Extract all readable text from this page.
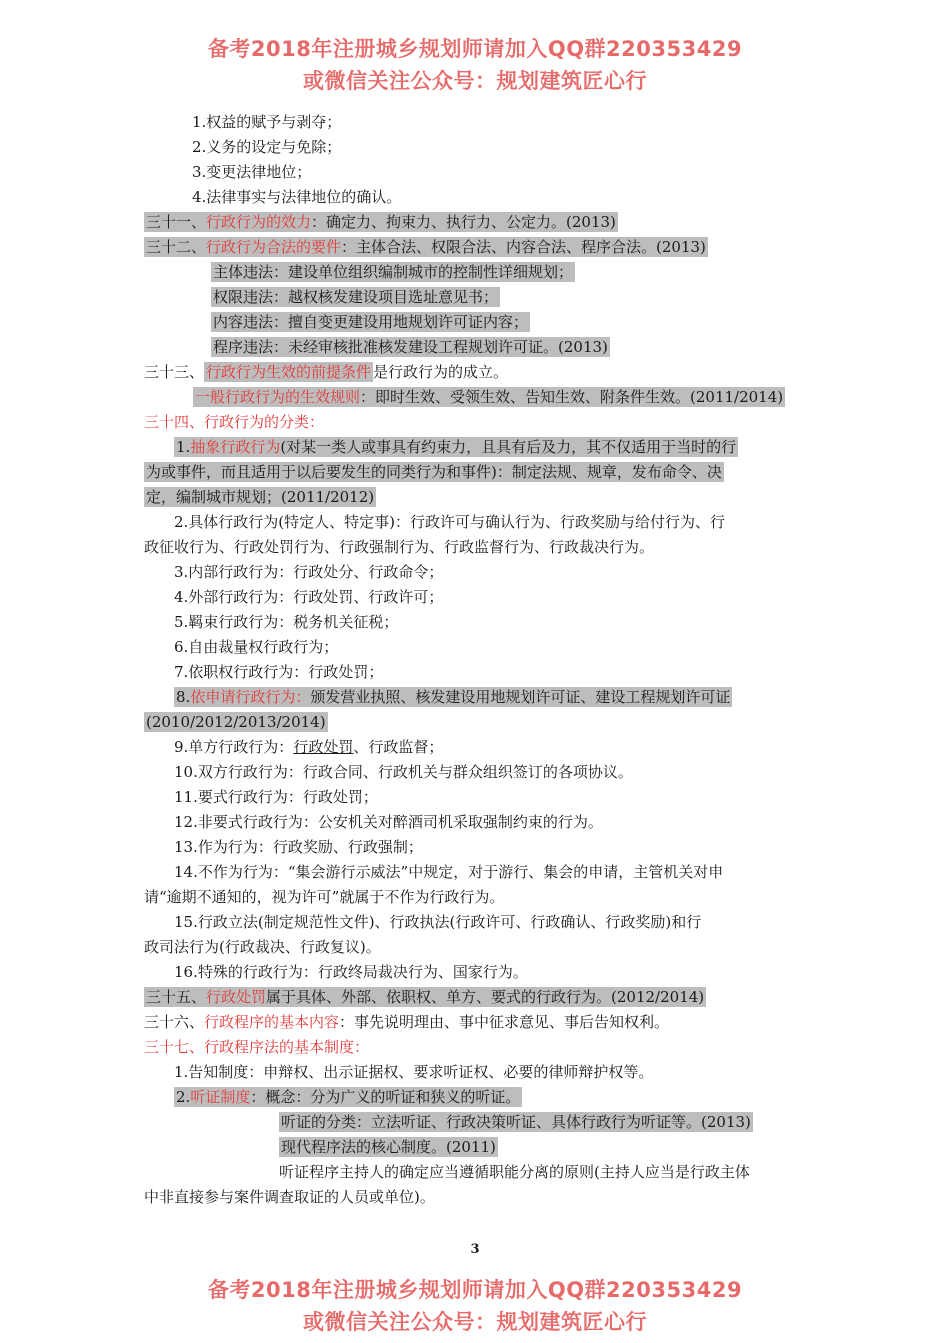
备考2018年注册城乡规划师请加入QQ群220353429
或微信关注公众号：规划建筑匠心行
1.权益的赋予与剥夺；
2.义务的设定与免除；
3.变更法律地位；
4.法律事实与法律地位的确认。
三十一、行政行为的效力：确定力、拘束力、执行力、公定力。(2013)
三十二、行政行为合法的要件：主体合法、权限合法、内容合法、程序合法。(2013)
主体违法：建设单位组织编制城市的控制性详细规划；
权限违法：越权核发建设项目选址意见书；
内容违法：擅自变更建设用地规划许可证内容；
程序违法：未经审核批准核发建设工程规划许可证。(2013)
三十三、 行政行为生效的前提条件 是行政行为的成立。
一般行政行为的生效规则：即时生效、受领生效、告知生效、附条件生效。(2011/2014)
三十四、行政行为的分类：
1.抽象行政行为(对某一类人或事具有约束力，且具有后及力，其不仅适用于当时的行
为或事件，而且适用于以后要发生的同类行为和事件)：制定法规、规章，发布命令、决
定，编制城市规划；(2011/2012)
2.具体行政行为(特定人、特定事)：行政许可与确认行为、行政奖励与给付行为、行
政征收行为、行政处罚行为、行政强制行为、行政监督行为、行政裁决行为。
3.内部行政行为：行政处分、行政命令；
4.外部行政行为：行政处罚、行政许可；
5.羁束行政行为：税务机关征税；
6.自由裁量权行政行为；
7.依职权行政行为：行政处罚；
8.依申请行政行为：颁发营业执照、核发建设用地规划许可证、建设工程规划许可证
(2010/2012/2013/2014)
9.单方行政行为：行政处罚、行政监督；
10.双方行政行为：行政合同、行政机关与群众组织签订的各项协议。
11.要式行政行为：行政处罚；
12.非要式行政行为：公安机关对醉酒司机采取强制约束的行为。
13.作为行为：行政奖励、行政强制；
14.不作为行为：“集会游行示威法”中规定，对于游行、集会的申请，主管机关对申
请“逾期不通知的，视为许可”就属于不作为行政行为。
15.行政立法(制定规范性文件)、行政执法(行政许可、行政确认、行政奖励)和行
政司法行为(行政裁决、行政复议)。
16.特殊的行政行为：行政终局裁决行为、国家行为。
三十五、行政处罚属于具体、外部、依职权、单方、要式的行政行为。(2012/2014)
三十六、行政程序的基本内容：事先说明理由、事中征求意见、事后告知权利。
三十七、行政程序法的基本制度：
1.告知制度：申辩权、出示证据权、要求听证权、必要的律师辩护权等。
2.听证制度：概念：分为广义的听证和狭义的听证。
听证的分类：立法听证、行政决策听证、具体行政行为听证等。(2013)
现代程序法的核心制度。(2011)
听证程序主持人的确定应当遵循职能分离的原则(主持人应当是行政主体
中非直接参与案件调查取证的人员或单位)。
3
备考2018年注册城乡规划师请加入QQ群220353429
或微信关注公众号：规划建筑匠心行
